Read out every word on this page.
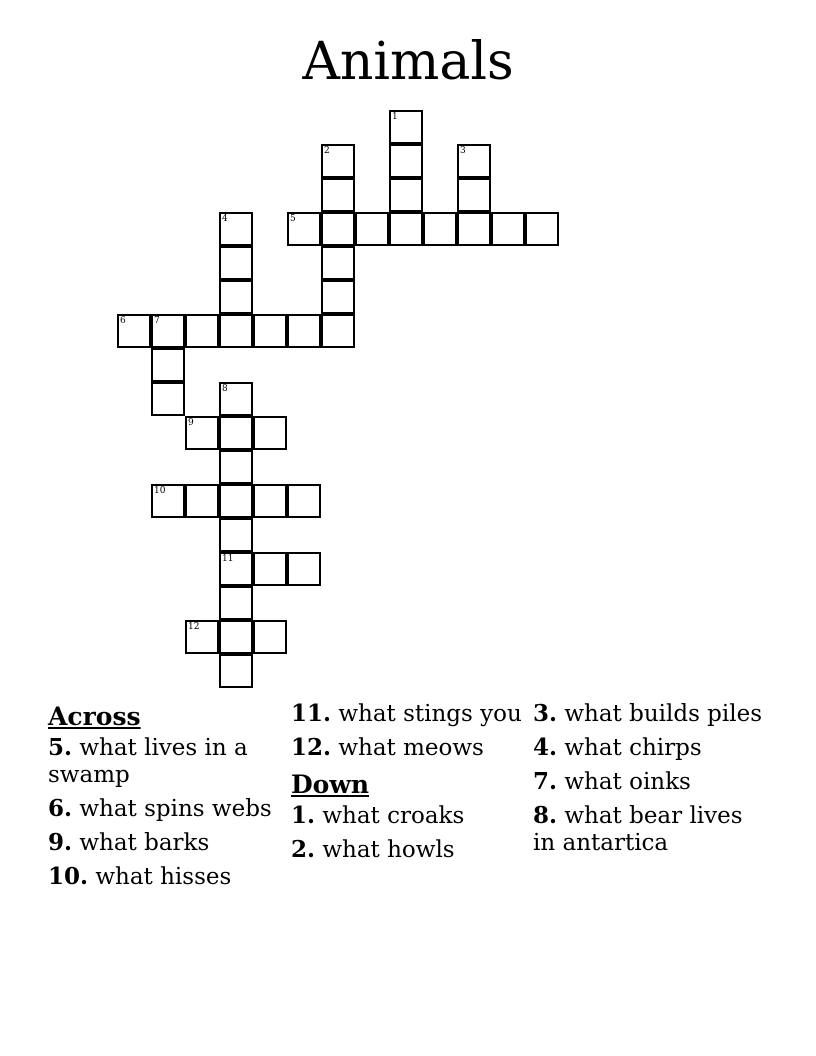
Animals
1
2	3
4	5
6	7
8
9
10
11
12
Across
5. what lives in a swamp
6. what spins webs
9. what barks
10. what hisses
11. what stings you
12. what meows
Down
1. what croaks
2. what howls
3. what builds piles
4. what chirps
7. what oinks
8. what bear lives in antartica
